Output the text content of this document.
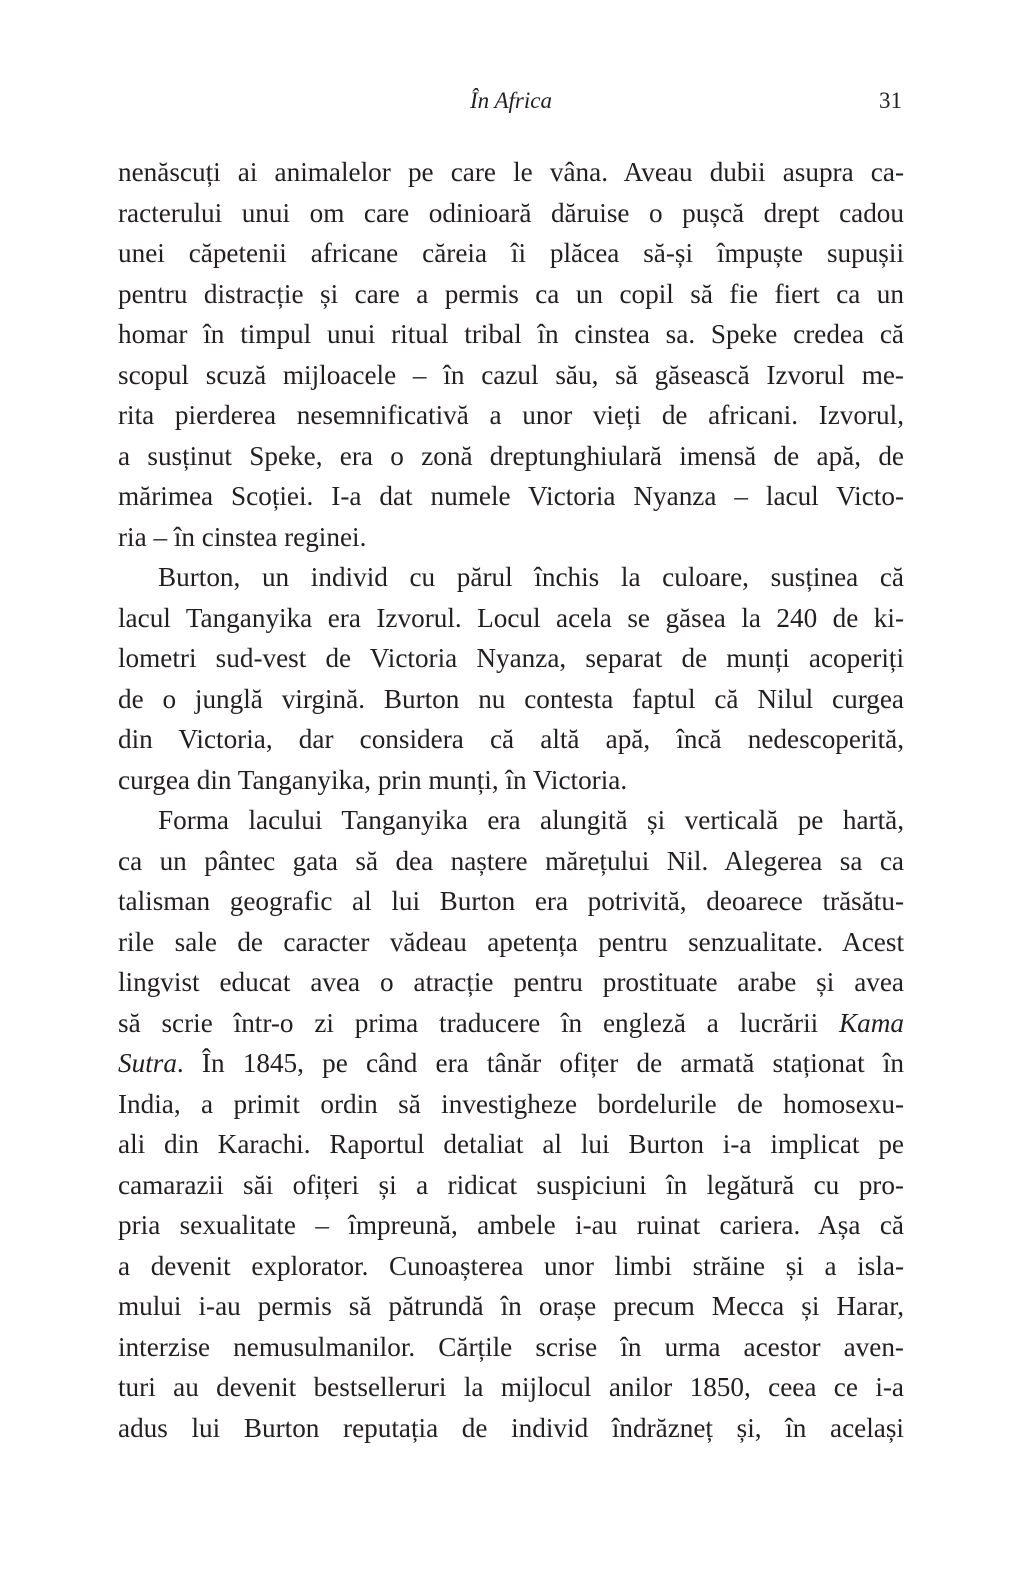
În Africa	31
nenăscuți ai animalelor pe care le vâna. Aveau dubii asupra ca-
racterului unui om care odinioară dăruise o pușcă drept cadou
unei căpetenii africane căreia îi plăcea să-și împuște supușii
pentru distracție și care a permis ca un copil să fie fiert ca un
homar în timpul unui ritual tribal în cinstea sa. Speke credea că
scopul scuză mijloacele – în cazul său, să găsească Izvorul me-
rita pierderea nesemnificativă a unor vieți de africani. Izvorul,
a susținut Speke, era o zonă dreptunghiulară imensă de apă, de
mărimea Scoției. I-a dat numele Victoria Nyanza – lacul Victo-
ria – în cinstea reginei.
Burton, un individ cu părul închis la culoare, susținea că
lacul Tanganyika era Izvorul. Locul acela se găsea la 240 de ki-
lometri sud-vest de Victoria Nyanza, separat de munți acoperiți
de o junglă virgină. Burton nu contesta faptul că Nilul curgea
din Victoria, dar considera că altă apă, încă nedescoperită,
curgea din Tanganyika, prin munți, în Victoria.
Forma lacului Tanganyika era alungită și verticală pe hartă,
ca un pântec gata să dea naștere mărețului Nil. Alegerea sa ca
talisman geografic al lui Burton era potrivită, deoarece trăsătu-
rile sale de caracter vădeau apetența pentru senzualitate. Acest
lingvist educat avea o atracție pentru prostituate arabe și avea
să scrie într-o zi prima traducere în engleză a lucrării Kama
Sutra. În 1845, pe când era tânăr ofițer de armată staționat în
India, a primit ordin să investigheze bordelurile de homosexu-
ali din Karachi. Raportul detaliat al lui Burton i-a implicat pe
camarazii săi ofițeri și a ridicat suspiciuni în legătură cu pro-
pria sexualitate – împreună, ambele i-au ruinat cariera. Așa că
a devenit explorator. Cunoașterea unor limbi străine și a isla-
mului i-au permis să pătrundă în orașe precum Mecca și Harar,
interzise nemusulmanilor. Cărțile scrise în urma acestor aven-
turi au devenit bestselleruri la mijlocul anilor 1850, ceea ce i-a
adus lui Burton reputația de individ îndrăzneț și, în același
